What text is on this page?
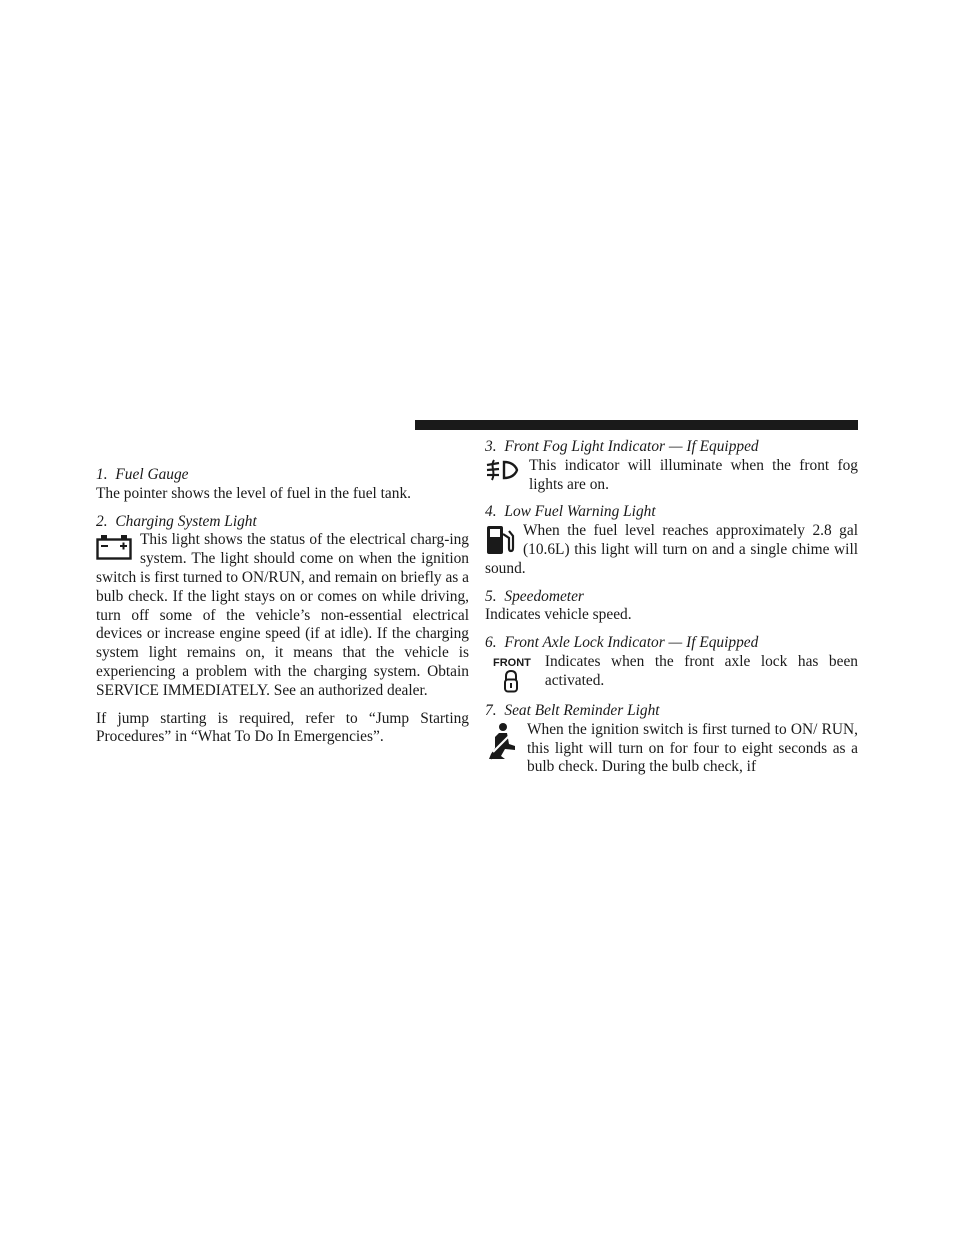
1. Fuel Gauge

The pointer shows the level of fuel in the fuel tank.

2. Charging System Light

This light shows the status of the electrical charg-ing system. The light should come on when the ignition switch is first turned to ON/RUN, and remain on briefly as a bulb check. If the light stays on or comes on while driving, turn off some of the vehicle’s non-essential electrical devices or increase engine speed (if at idle). If the charging system light remains on, it means that the vehicle is experiencing a problem with the charging system. Obtain SERVICE IMMEDIATELY. See an authorized dealer.

If jump starting is required, refer to “Jump Starting Procedures” in “What To Do In Emergencies”.

3. Front Fog Light Indicator — If Equipped

This indicator will illuminate when the front fog lights are on.

4. Low Fuel Warning Light

When the fuel level reaches approximately 2.8 gal (10.6L) this light will turn on and a single chime will sound.

5. Speedometer

Indicates vehicle speed.

6. Front Axle Lock Indicator — If Equipped

FRONT Indicates when the front axle lock has been activated.

7. Seat Belt Reminder Light

When the ignition switch is first turned to ON/ RUN, this light will turn on for four to eight seconds as a bulb check. During the bulb check, if
